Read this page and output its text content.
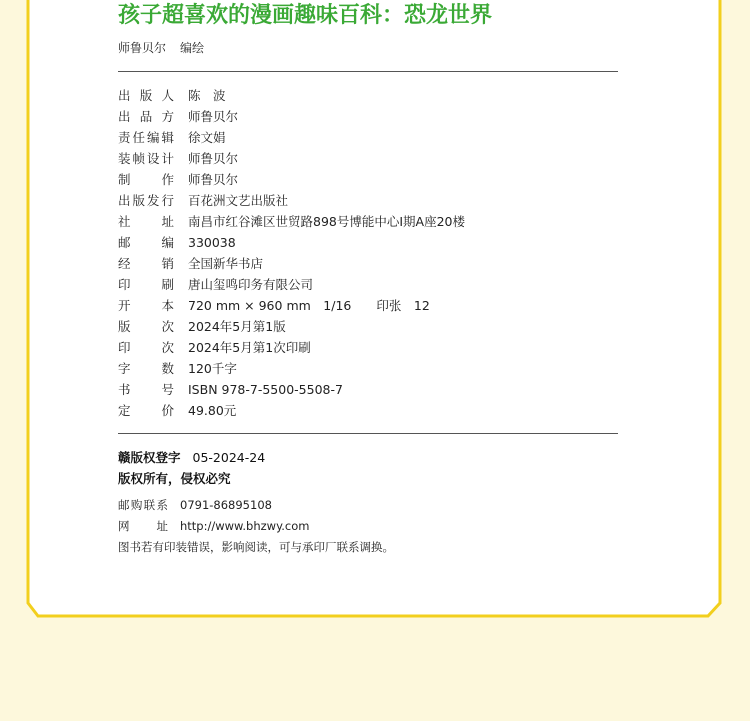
孩子超喜欢的漫画趣味百科：恐龙世界
师鲁贝尔 编绘
出 版 人 陈　波
出 品 方 师鲁贝尔
责 任 编 辑 徐文娟
装 帧 设 计 师鲁贝尔
制 作 师鲁贝尔
出 版 发 行 百花洲文艺出版社
社 址 南昌市红谷滩区世贸路898号博能中心Ⅰ期A座20楼
邮 编 330038
经 销 全国新华书店
印 刷 唐山玺鸣印务有限公司
开 本 720 mm × 960 mm　1/16　　印张　12
版 次 2024年5月第1版
印 次 2024年5月第1次印刷
字 数 120千字
书 号 ISBN 978-7-5500-5508-7
定 价 49.80元
赣版权登字 05-2024-24
版权所有，侵权必究
邮 购 联 系 0791-86895108
网 址 http://www.bhzwy.com
图书若有印装错误，影响阅读，可与承印厂联系调换。
